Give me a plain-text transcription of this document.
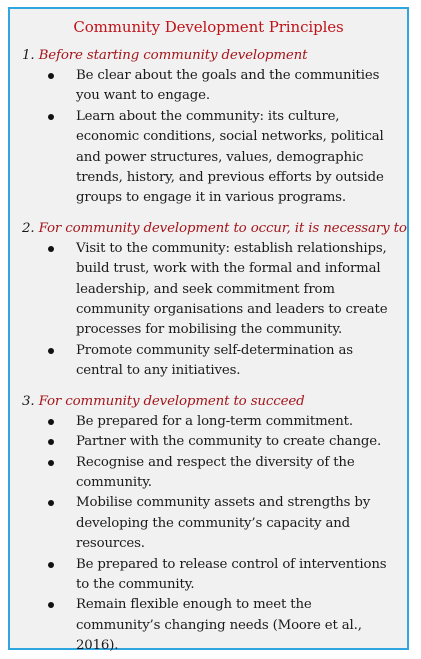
Community Development Principles

1. Before starting community development

Be clear about the goals and the communities you want to engage.
Learn about the community: its culture, economic conditions, social networks, political and power structures, values, demographic trends, history, and previous efforts by outside groups to engage it in various programs.

2. For community development to occur, it is necessary to

Visit to the community: establish relationships, build trust, work with the formal and informal leadership, and seek commitment from community organisations and leaders to create processes for mobilising the community.
Promote community self-determination as central to any initiatives.

3. For community development to succeed

Be prepared for a long-term commitment.
Partner with the community to create change.
Recognise and respect the diversity of the community.
Mobilise community assets and strengths by developing the community’s capacity and resources.
Be prepared to release control of interventions to the community.
Remain flexible enough to meet the community’s changing needs (Moore et al., 2016).
